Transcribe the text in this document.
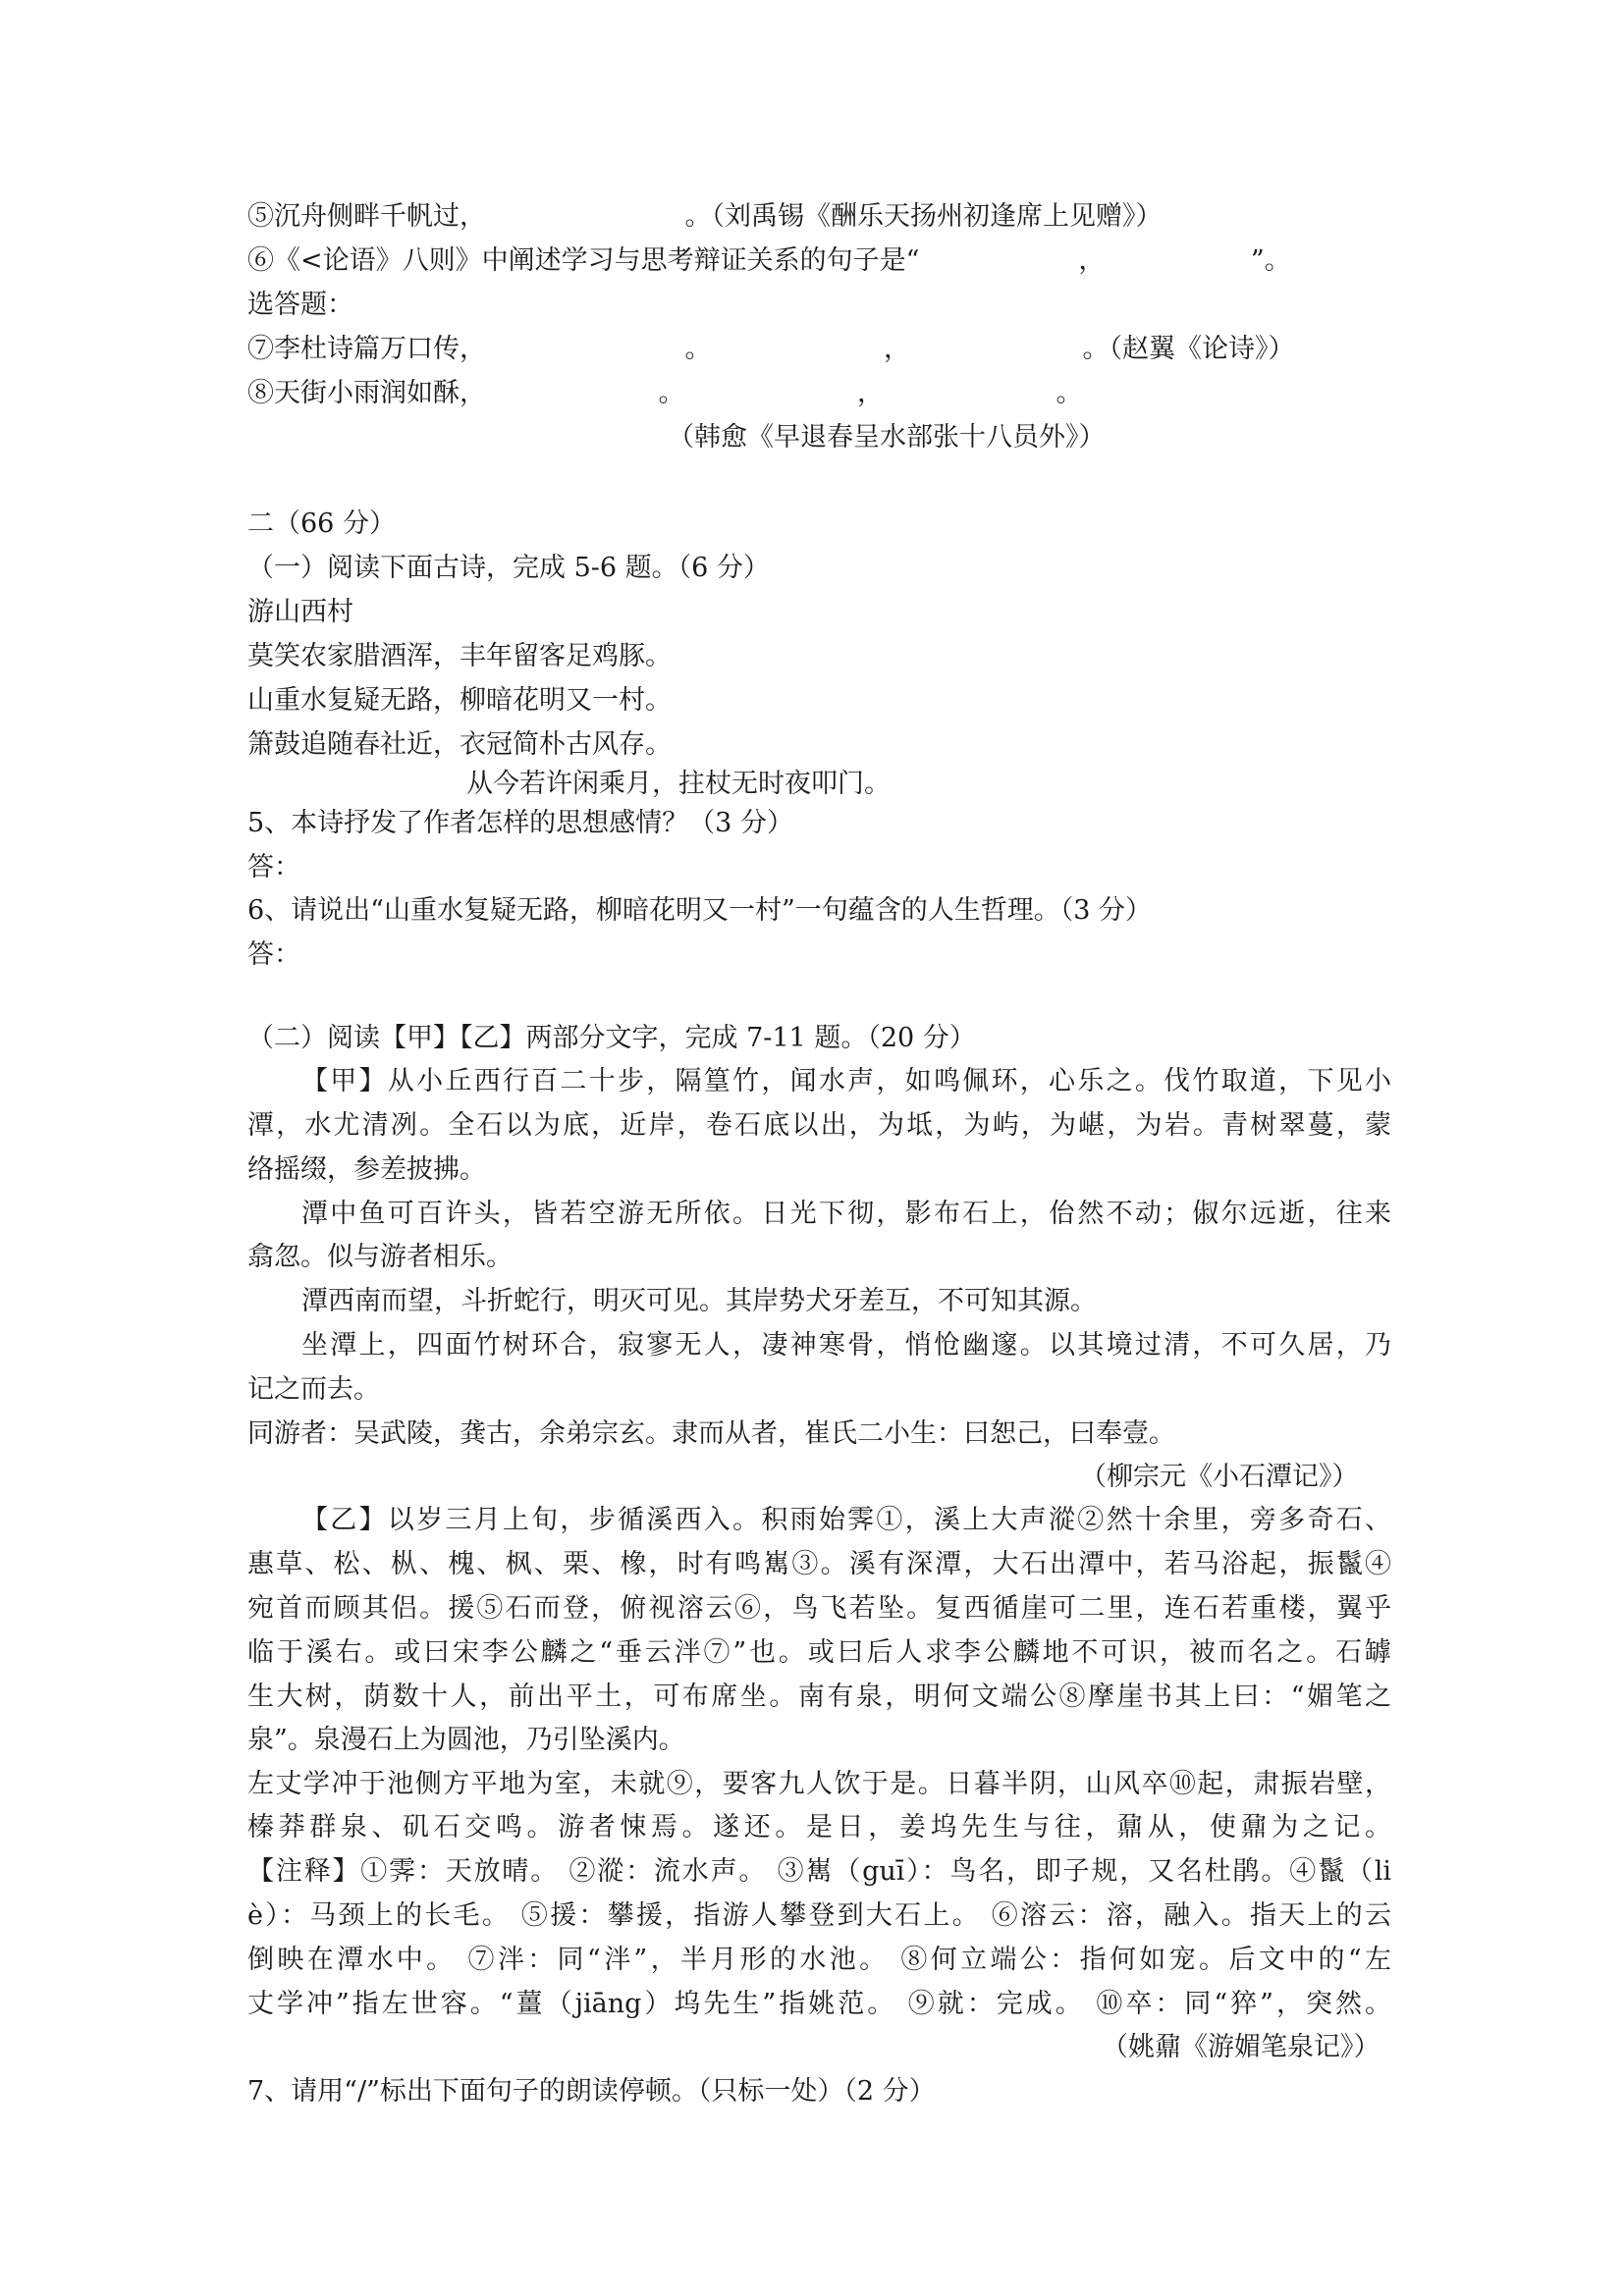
⑤沉舟侧畔千帆过，　　　　　　　　。（刘禹锡《酬乐天扬州初逢席上见赠》）
⑥《<论语》八则》中阐述学习与思考辩证关系的句子是“　　　　　　，　　　　　　”。
选答题：
⑦李杜诗篇万口传，　　　　　　　　。　　　　　　　，　　　　　　　。（赵翼《论诗》）
⑧天街小雨润如酥，　　　　　　　。　　　　　　　，　　　　　　　。
（韩愈《早退春呈水部张十八员外》）
二（66 分）
（一）阅读下面古诗，完成 5-6 题。（6 分）
游山西村
莫笑农家腊酒浑，丰年留客足鸡豚。
山重水复疑无路，柳暗花明又一村。
箫鼓追随春社近，衣冠简朴古风存。
从今若许闲乘月，拄杖无时夜叩门。
5、本诗抒发了作者怎样的思想感情？（3 分）
答：
6、请说出“山重水复疑无路，柳暗花明又一村”一句蕴含的人生哲理。（3 分）
答：
（二）阅读【甲】【乙】两部分文字，完成 7-11 题。（20 分）
【甲】从小丘西行百二十步，隔篁竹，闻水声，如鸣佩环，心乐之。伐竹取道，下见小
潭，水尤清冽。全石以为底，近岸，卷石底以出，为坻，为屿，为嵁，为岩。青树翠蔓，蒙
络摇缀，参差披拂。
潭中鱼可百许头，皆若空游无所依。日光下彻，影布石上，佁然不动；俶尔远逝，往来
翕忽。似与游者相乐。
潭西南而望，斗折蛇行，明灭可见。其岸势犬牙差互，不可知其源。
坐潭上，四面竹树环合，寂寥无人，凄神寒骨，悄怆幽邃。以其境过清，不可久居，乃
记之而去。
同游者：吴武陵，龚古，余弟宗玄。隶而从者，崔氏二小生：曰恕己，曰奉壹。
（柳宗元《小石潭记》）
【乙】以岁三月上旬，步循溪西入。积雨始霁①，溪上大声漎②然十余里，旁多奇石、
惠草、松、枞、槐、枫、栗、橡，时有鸣嶲③。溪有深潭，大石出潭中，若马浴起，振鬣④
宛首而顾其侣。援⑤石而登，俯视溶云⑥，鸟飞若坠。复西循崖可二里，连石若重楼，翼乎
临于溪右。或曰宋李公麟之“垂云泮⑦”也。或曰后人求李公麟地不可识，被而名之。石罅
生大树，荫数十人，前出平土，可布席坐。南有泉，明何文端公⑧摩崖书其上曰：“媚笔之
泉”。泉漫石上为圆池，乃引坠溪内。
左丈学冲于池侧方平地为室，未就⑨，要客九人饮于是。日暮半阴，山风卒⑩起，肃振岩壁，
榛莽群泉、矶石交鸣。游者悚焉。遂还。是日，姜坞先生与往，鼐从，使鼐为之记。
【注释】①霁：天放晴。 ②漎：流水声。 ③嶲（guī）：鸟名，即子规，又名杜鹃。④鬣（li
è）：马颈上的长毛。 ⑤援：攀援，指游人攀登到大石上。 ⑥溶云：溶，融入。指天上的云
倒映在潭水中。 ⑦泮：同“泮”，半月形的水池。 ⑧何立端公：指何如宠。后文中的“左
丈学冲”指左世容。“薑（jiāng）坞先生”指姚范。 ⑨就：完成。 ⑩卒：同“猝”，突然。
（姚鼐《游媚笔泉记》）
7、请用“/”标出下面句子的朗读停顿。（只标一处）（2 分）
